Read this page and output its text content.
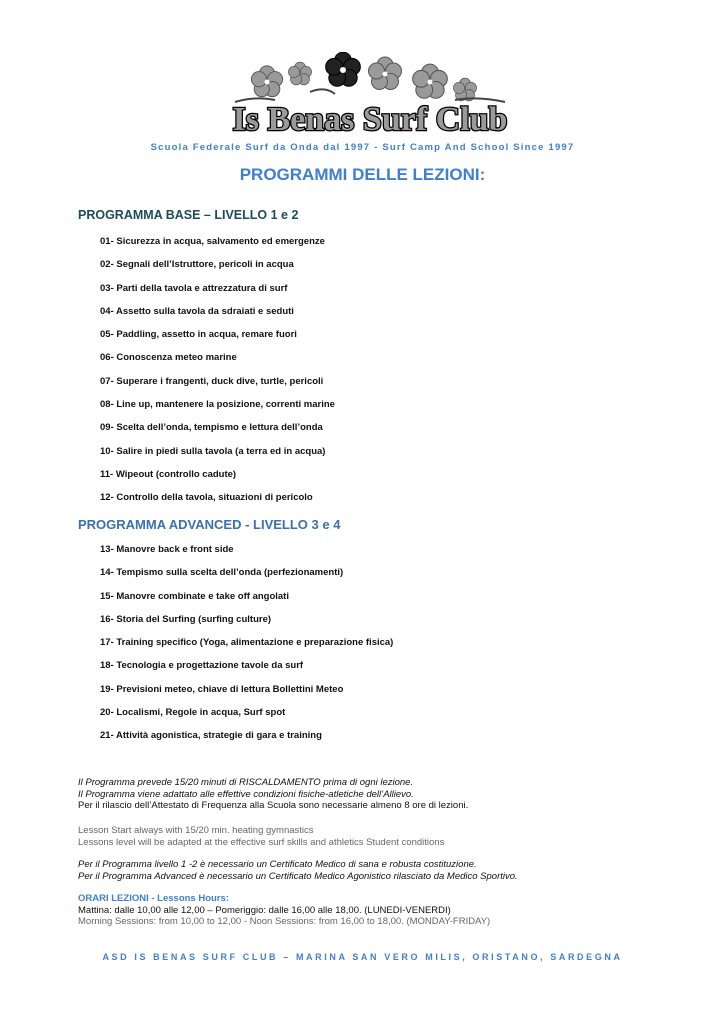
Is Benas Surf Club
Scuola Federale Surf da Onda dal 1997 - Surf Camp And School Since 1997
PROGRAMMI DELLE LEZIONI:
PROGRAMMA BASE – LIVELLO 1 e 2
01- Sicurezza in acqua, salvamento ed emergenze
02- Segnali dell’Istruttore, pericoli in acqua
03- Parti della tavola e attrezzatura di surf
04- Assetto sulla tavola da sdraiati e seduti
05- Paddling, assetto in acqua, remare fuori
06- Conoscenza meteo marine
07- Superare i frangenti, duck dive, turtle, pericoli
08- Line up, mantenere la posizione, correnti marine
09- Scelta dell’onda, tempismo e lettura dell’onda
10- Salire in piedi sulla tavola (a terra ed in acqua)
11- Wipeout (controllo cadute)
12- Controllo della tavola, situazioni di pericolo
PROGRAMMA ADVANCED - LIVELLO 3 e 4
13- Manovre back e front side
14- Tempismo sulla scelta dell’onda (perfezionamenti)
15- Manovre combinate e take off angolati
16- Storia del Surfing (surfing culture)
17- Training specifico (Yoga, alimentazione e preparazione fisica)
18- Tecnologia e progettazione tavole da surf
19- Previsioni meteo, chiave di lettura Bollettini Meteo
20- Localismi, Regole in acqua, Surf spot
21- Attività agonistica, strategie di gara e training
Il Programma prevede 15/20 minuti di RISCALDAMENTO prima di ogni lezione.
Il Programma viene adattato alle effettive condizioni fisiche-atletiche dell’Allievo.
Per il rilascio dell’Attestato di Frequenza alla Scuola sono necessarie almeno 8 ore di lezioni.
Lesson Start always with 15/20 min. heating gymnastics
Lessons level will be adapted at the effective surf skills and athletics Student conditions
Per il Programma livello 1 -2 è necessario un Certificato Medico di sana e robusta costituzione.
Per il Programma Advanced è necessario un Certificato Medico Agonistico rilasciato da Medico Sportivo.
ORARI LEZIONI - Lessons Hours:
Mattina: dalle 10,00 alle 12,00 – Pomeriggio: dalle 16,00 alle 18,00. (LUNEDI-VENERDI)
Morning Sessions: from 10,00 to 12,00 - Noon Sessions: from 16,00 to 18,00. (MONDAY-FRIDAY)
ASD IS BENAS SURF CLUB – MARINA SAN VERO MILIS, ORISTANO, SARDEGNA
